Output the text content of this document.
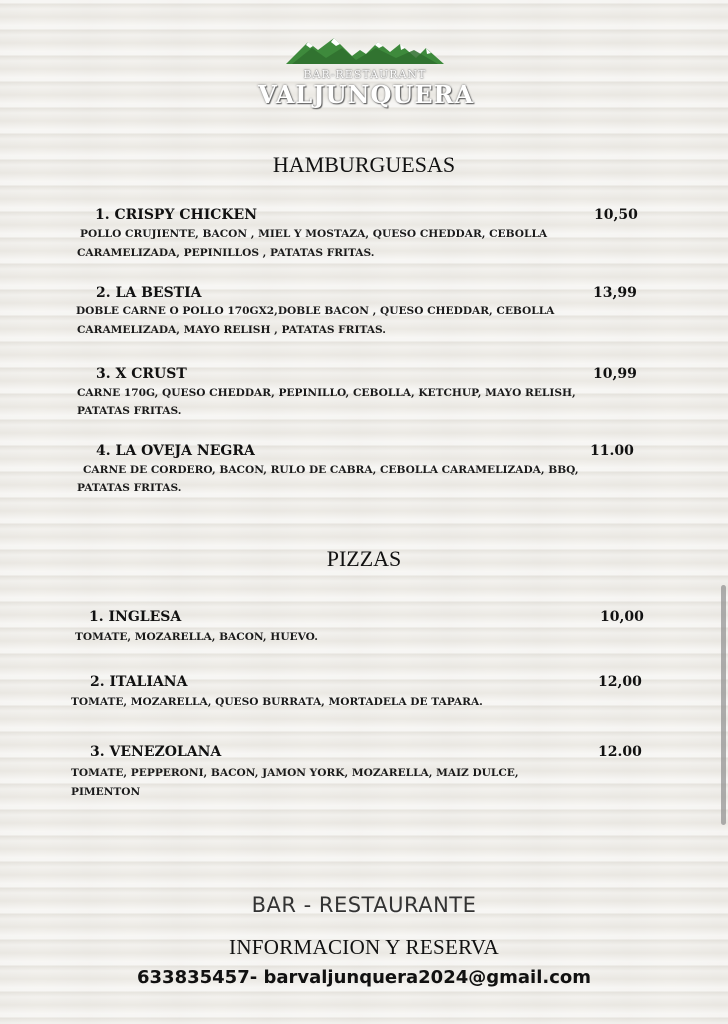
BAR-RESTAURANT
VALJUNQUERA
HAMBURGUESAS
1. CRISPY CHICKEN	10,50
POLLO CRUJIENTE, BACON , MIEL Y MOSTAZA, QUESO CHEDDAR, CEBOLLA
CARAMELIZADA, PEPINILLOS , PATATAS FRITAS.
2. LA BESTIA	13,99
DOBLE CARNE O POLLO 170GX2,DOBLE BACON , QUESO CHEDDAR, CEBOLLA
CARAMELIZADA, MAYO RELISH , PATATAS FRITAS.
3. X CRUST	10,99
CARNE 170G, QUESO CHEDDAR, PEPINILLO, CEBOLLA, KETCHUP, MAYO RELISH,
PATATAS FRITAS.
4. LA OVEJA NEGRA	11.00
CARNE DE CORDERO, BACON, RULO DE CABRA, CEBOLLA CARAMELIZADA, BBQ,
PATATAS FRITAS.
PIZZAS
1. INGLESA	10,00
TOMATE, MOZARELLA, BACON, HUEVO.
2. ITALIANA	12,00
TOMATE, MOZARELLA, QUESO BURRATA, MORTADELA DE TAPARA.
3. VENEZOLANA	12.00
TOMATE, PEPPERONI, BACON, JAMON YORK, MOZARELLA, MAIZ DULCE,
PIMENTON
BAR - RESTAURANTE
INFORMACION Y RESERVA
633835457- barvaljunquera2024@gmail.com
